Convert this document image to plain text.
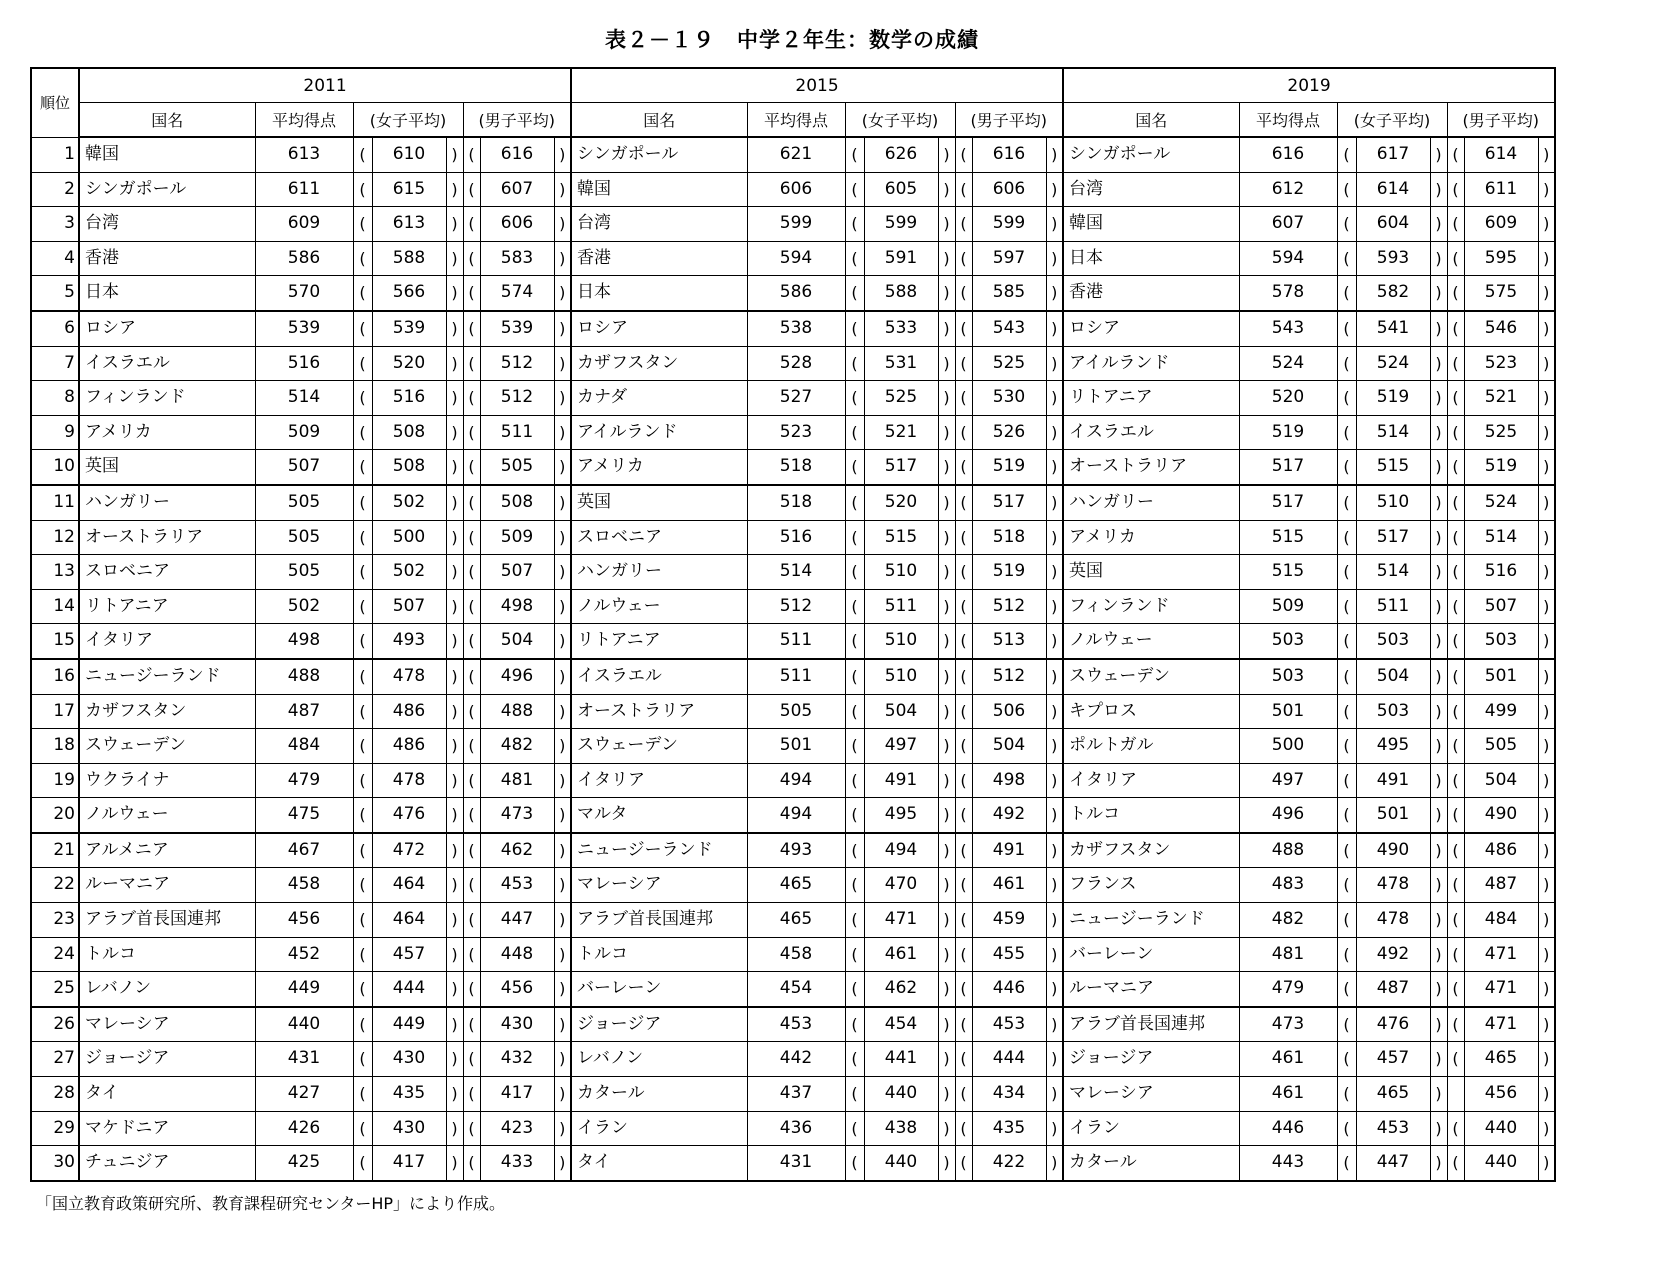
表２－１９　中学２年生：数学の成績
順位	2011								2015								2019							
	国名	平均得点	(女子平均)			(男子平均)			国名	平均得点	(女子平均)			(男子平均)			国名	平均得点	(女子平均)			(男子平均)		
1	韓国	613	(	610	)	(	616	)	シンガポール	621	(	626	)	(	616	)	シンガポール	616	(	617	)	(	614	)
2	シンガポール	611	(	615	)	(	607	)	韓国	606	(	605	)	(	606	)	台湾	612	(	614	)	(	611	)
3	台湾	609	(	613	)	(	606	)	台湾	599	(	599	)	(	599	)	韓国	607	(	604	)	(	609	)
4	香港	586	(	588	)	(	583	)	香港	594	(	591	)	(	597	)	日本	594	(	593	)	(	595	)
5	日本	570	(	566	)	(	574	)	日本	586	(	588	)	(	585	)	香港	578	(	582	)	(	575	)
6	ロシア	539	(	539	)	(	539	)	ロシア	538	(	533	)	(	543	)	ロシア	543	(	541	)	(	546	)
7	イスラエル	516	(	520	)	(	512	)	カザフスタン	528	(	531	)	(	525	)	アイルランド	524	(	524	)	(	523	)
8	フィンランド	514	(	516	)	(	512	)	カナダ	527	(	525	)	(	530	)	リトアニア	520	(	519	)	(	521	)
9	アメリカ	509	(	508	)	(	511	)	アイルランド	523	(	521	)	(	526	)	イスラエル	519	(	514	)	(	525	)
10	英国	507	(	508	)	(	505	)	アメリカ	518	(	517	)	(	519	)	オーストラリア	517	(	515	)	(	519	)
11	ハンガリー	505	(	502	)	(	508	)	英国	518	(	520	)	(	517	)	ハンガリー	517	(	510	)	(	524	)
12	オーストラリア	505	(	500	)	(	509	)	スロベニア	516	(	515	)	(	518	)	アメリカ	515	(	517	)	(	514	)
13	スロベニア	505	(	502	)	(	507	)	ハンガリー	514	(	510	)	(	519	)	英国	515	(	514	)	(	516	)
14	リトアニア	502	(	507	)	(	498	)	ノルウェー	512	(	511	)	(	512	)	フィンランド	509	(	511	)	(	507	)
15	イタリア	498	(	493	)	(	504	)	リトアニア	511	(	510	)	(	513	)	ノルウェー	503	(	503	)	(	503	)
16	ニュージーランド	488	(	478	)	(	496	)	イスラエル	511	(	510	)	(	512	)	スウェーデン	503	(	504	)	(	501	)
17	カザフスタン	487	(	486	)	(	488	)	オーストラリア	505	(	504	)	(	506	)	キプロス	501	(	503	)	(	499	)
18	スウェーデン	484	(	486	)	(	482	)	スウェーデン	501	(	497	)	(	504	)	ポルトガル	500	(	495	)	(	505	)
19	ウクライナ	479	(	478	)	(	481	)	イタリア	494	(	491	)	(	498	)	イタリア	497	(	491	)	(	504	)
20	ノルウェー	475	(	476	)	(	473	)	マルタ	494	(	495	)	(	492	)	トルコ	496	(	501	)	(	490	)
21	アルメニア	467	(	472	)	(	462	)	ニュージーランド	493	(	494	)	(	491	)	カザフスタン	488	(	490	)	(	486	)
22	ルーマニア	458	(	464	)	(	453	)	マレーシア	465	(	470	)	(	461	)	フランス	483	(	478	)	(	487	)
23	アラブ首長国連邦	456	(	464	)	(	447	)	アラブ首長国連邦	465	(	471	)	(	459	)	ニュージーランド	482	(	478	)	(	484	)
24	トルコ	452	(	457	)	(	448	)	トルコ	458	(	461	)	(	455	)	バーレーン	481	(	492	)	(	471	)
25	レバノン	449	(	444	)	(	456	)	バーレーン	454	(	462	)	(	446	)	ルーマニア	479	(	487	)	(	471	)
26	マレーシア	440	(	449	)	(	430	)	ジョージア	453	(	454	)	(	453	)	アラブ首長国連邦	473	(	476	)	(	471	)
27	ジョージア	431	(	430	)	(	432	)	レバノン	442	(	441	)	(	444	)	ジョージア	461	(	457	)	(	465	)
28	タイ	427	(	435	)	(	417	)	カタール	437	(	440	)	(	434	)	マレーシア	461	(	465	)		456	)
29	マケドニア	426	(	430	)	(	423	)	イラン	436	(	438	)	(	435	)	イラン	446	(	453	)	(	440	)
30	チュニジア	425	(	417	)	(	433	)	タイ	431	(	440	)	(	422	)	カタール	443	(	447	)	(	440	)
「国立教育政策研究所、教育課程研究センターHP」により作成。
